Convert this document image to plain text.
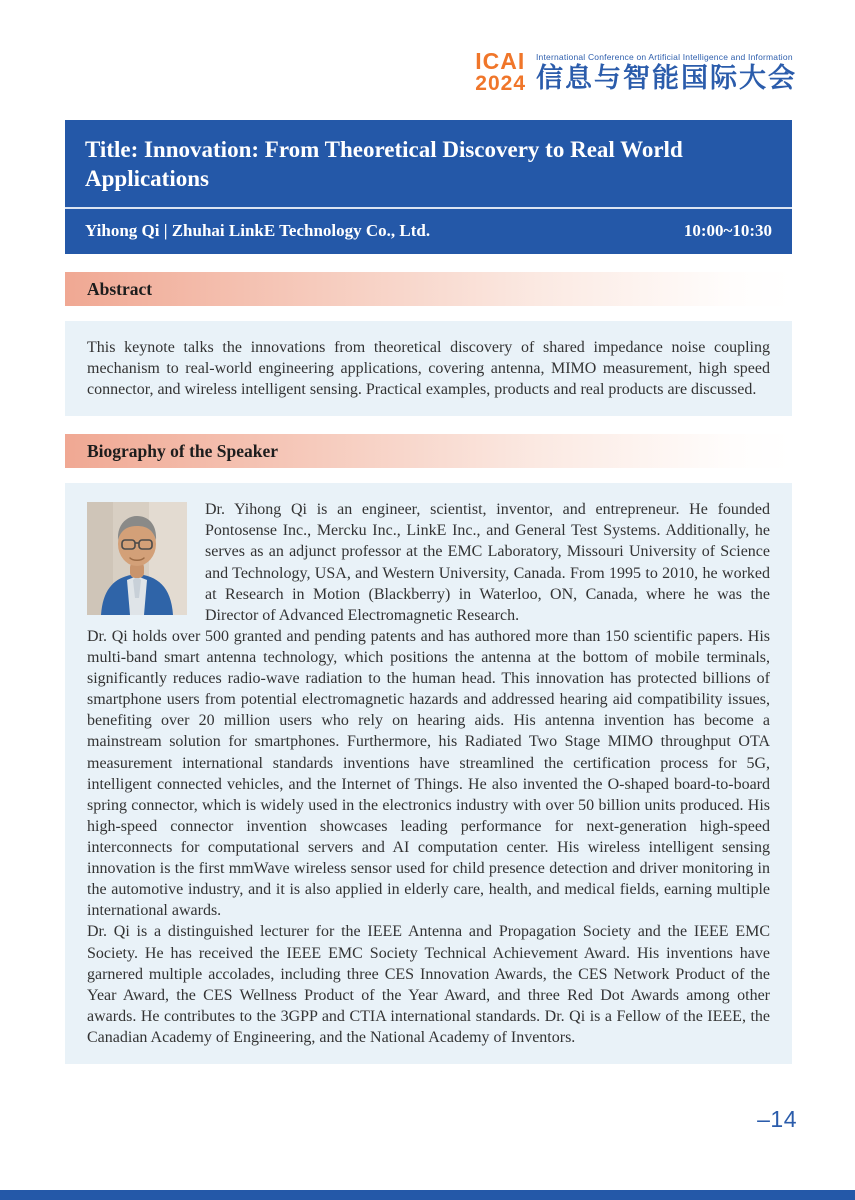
ICAI
2024
International Conference on Artificial Intelligence and Information
信息与智能国际大会
Title: Innovation: From Theoretical Discovery to Real World Applications
Yihong Qi | Zhuhai LinkE Technology Co., Ltd.	10:00~10:30
Abstract

This keynote talks the innovations from theoretical discovery of shared impedance noise coupling mechanism to real-world engineering applications, covering antenna, MIMO measurement, high speed connector, and wireless intelligent sensing. Practical examples, products and real products are discussed.

Biography of the Speaker

Dr. Yihong Qi is an engineer, scientist, inventor, and entrepreneur. He founded Pontosense Inc., Mercku Inc., LinkE Inc., and General Test Systems. Additionally, he serves as an adjunct professor at the EMC Laboratory, Missouri University of Science and Technology, USA, and Western University, Canada. From 1995 to 2010, he worked at Research in Motion (Blackberry) in Waterloo, ON, Canada, where he was the Director of Advanced Electromagnetic Research.

Dr. Qi holds over 500 granted and pending patents and has authored more than 150 scientific papers. His multi-band smart antenna technology, which positions the antenna at the bottom of mobile terminals, significantly reduces radio-wave radiation to the human head. This innovation has protected billions of smartphone users from potential electromagnetic hazards and addressed hearing aid compatibility issues, benefiting over 20 million users who rely on hearing aids. His antenna invention has become a mainstream solution for smartphones. Furthermore, his Radiated Two Stage MIMO throughput OTA measurement international standards inventions have streamlined the certification process for 5G, intelligent connected vehicles, and the Internet of Things. He also invented the O-shaped board-to-board spring connector, which is widely used in the electronics industry with over 50 billion units produced. His high-speed connector invention showcases leading performance for next-generation high-speed interconnects for computational servers and AI computation center. His wireless intelligent sensing innovation is the first mmWave wireless sensor used for child presence detection and driver monitoring in the automotive industry, and it is also applied in elderly care, health, and medical fields, earning multiple international awards.

Dr. Qi is a distinguished lecturer for the IEEE Antenna and Propagation Society and the IEEE EMC Society. He has received the IEEE EMC Society Technical Achievement Award. His inventions have garnered multiple accolades, including three CES Innovation Awards, the CES Network Product of the Year Award, the CES Wellness Product of the Year Award, and three Red Dot Awards among other awards. He contributes to the 3GPP and CTIA international standards. Dr. Qi is a Fellow of the IEEE, the Canadian Academy of Engineering, and the National Academy of Inventors.

–14
